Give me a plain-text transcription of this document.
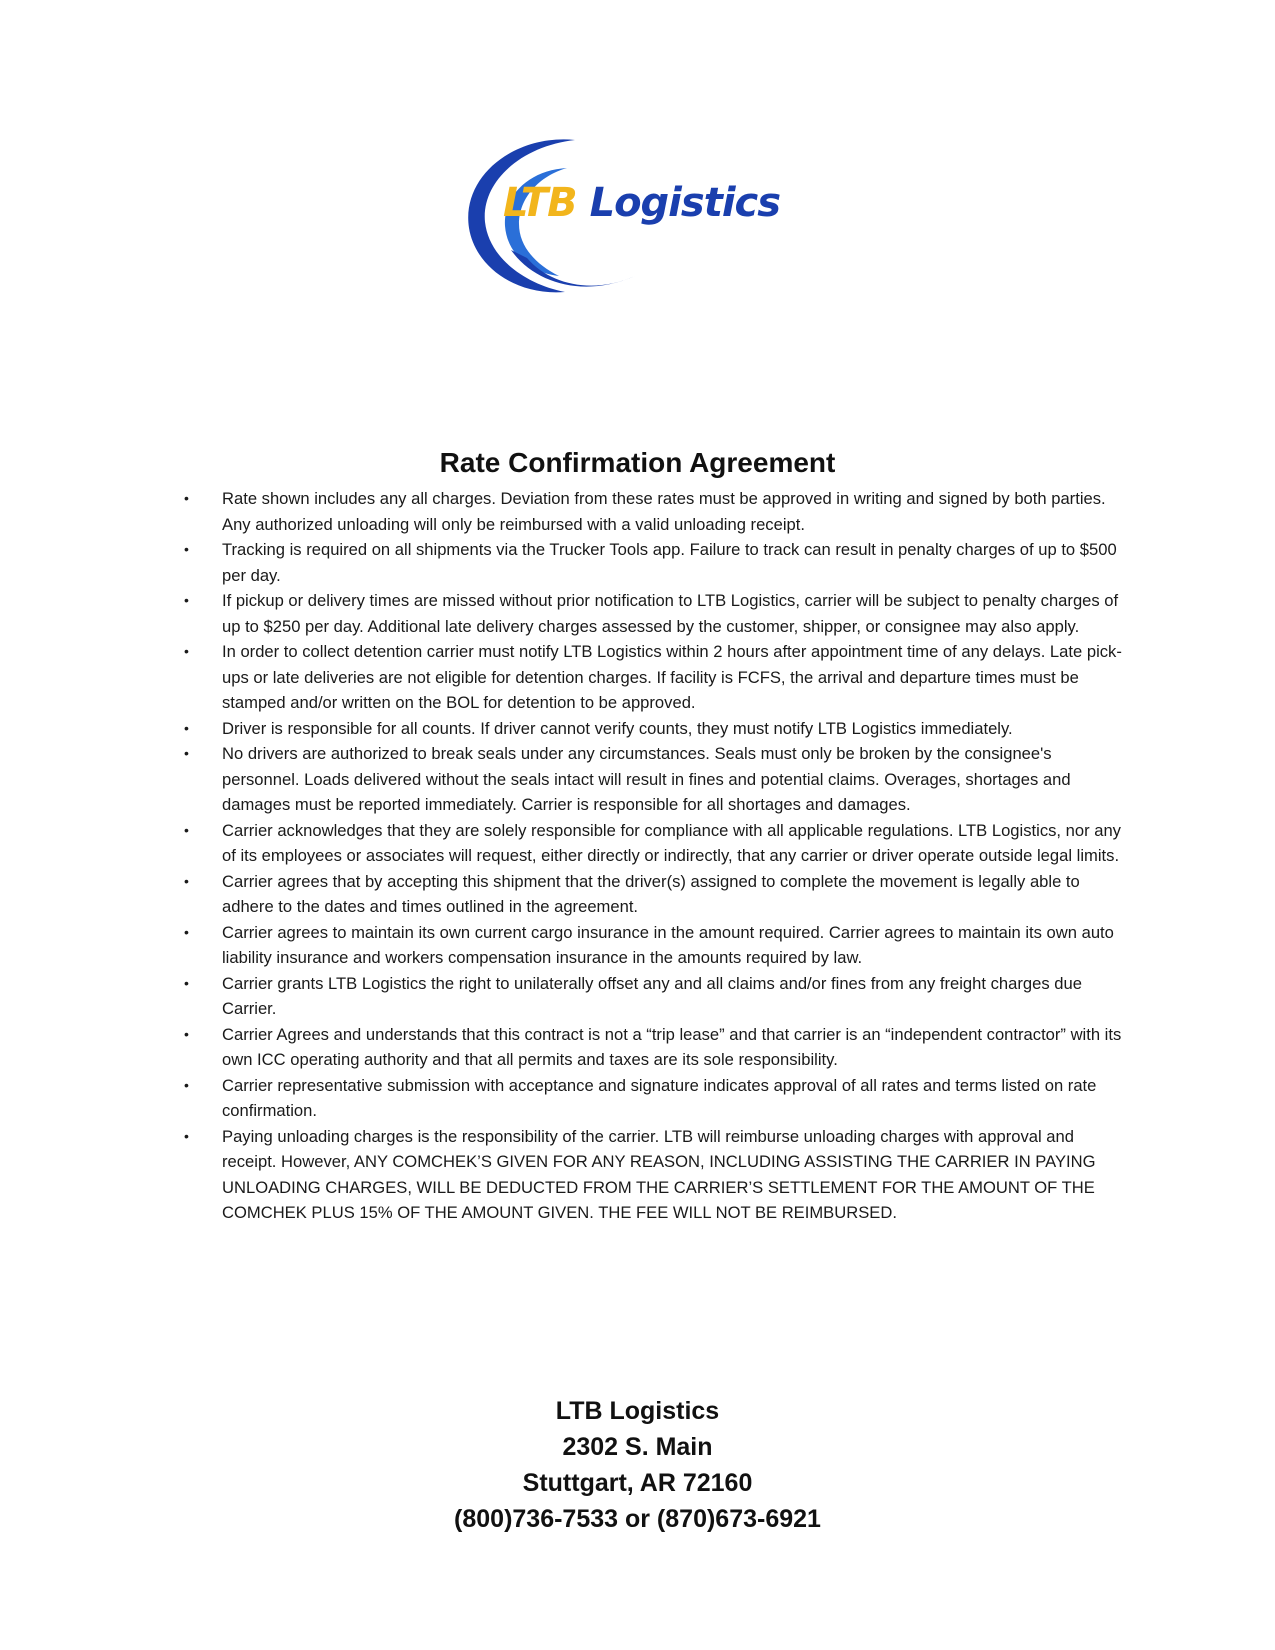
LTB Logistics
Rate Confirmation Agreement
• Rate shown includes any all charges. Deviation from these rates must be approved in writing and signed by both parties. Any authorized unloading will only be reimbursed with a valid unloading receipt.
• Tracking is required on all shipments via the Trucker Tools app. Failure to track can result in penalty charges of up to $500 per day.
• If pickup or delivery times are missed without prior notification to LTB Logistics, carrier will be subject to penalty charges of up to $250 per day. Additional late delivery charges assessed by the customer, shipper, or consignee may also apply.
• In order to collect detention carrier must notify LTB Logistics within 2 hours after appointment time of any delays. Late pick-ups or late deliveries are not eligible for detention charges. If facility is FCFS, the arrival and departure times must be stamped and/or written on the BOL for detention to be approved.
• Driver is responsible for all counts. If driver cannot verify counts, they must notify LTB Logistics immediately.
• No drivers are authorized to break seals under any circumstances. Seals must only be broken by the consignee's personnel. Loads delivered without the seals intact will result in fines and potential claims. Overages, shortages and damages must be reported immediately. Carrier is responsible for all shortages and damages.
• Carrier acknowledges that they are solely responsible for compliance with all applicable regulations. LTB Logistics, nor any of its employees or associates will request, either directly or indirectly, that any carrier or driver operate outside legal limits.
• Carrier agrees that by accepting this shipment that the driver(s) assigned to complete the movement is legally able to adhere to the dates and times outlined in the agreement.
• Carrier agrees to maintain its own current cargo insurance in the amount required. Carrier agrees to maintain its own auto liability insurance and workers compensation insurance in the amounts required by law.
• Carrier grants LTB Logistics the right to unilaterally offset any and all claims and/or fines from any freight charges due Carrier.
• Carrier Agrees and understands that this contract is not a “trip lease” and that carrier is an “independent contractor” with its own ICC operating authority and that all permits and taxes are its sole responsibility.
• Carrier representative submission with acceptance and signature indicates approval of all rates and terms listed on rate confirmation.
• Paying unloading charges is the responsibility of the carrier. LTB will reimburse unloading charges with approval and receipt. However, ANY COMCHEK’S GIVEN FOR ANY REASON, INCLUDING ASSISTING THE CARRIER IN PAYING UNLOADING CHARGES, WILL BE DEDUCTED FROM THE CARRIER’S SETTLEMENT FOR THE AMOUNT OF THE COMCHEK PLUS 15% OF THE AMOUNT GIVEN. THE FEE WILL NOT BE REIMBURSED.
LTB Logistics
2302 S. Main
Stuttgart, AR 72160
(800)736-7533 or (870)673-6921
